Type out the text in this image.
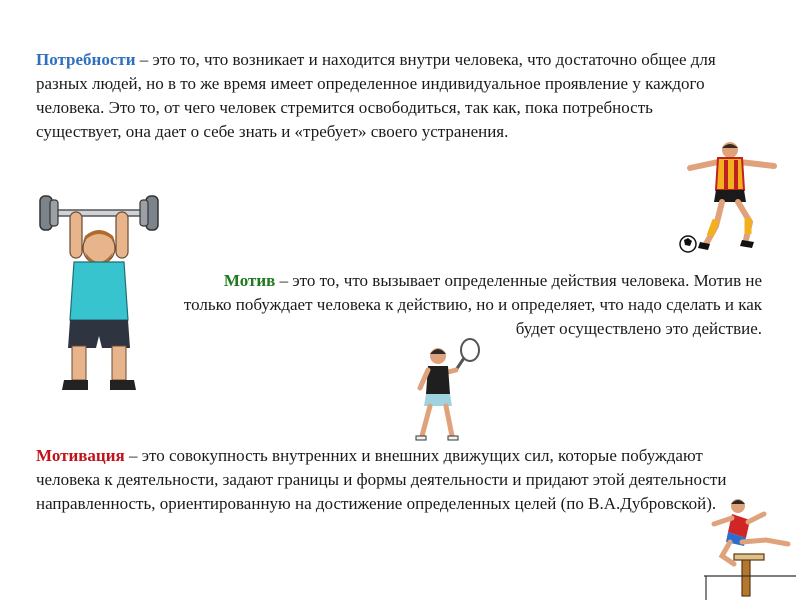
Потребности – это то, что возникает и находится внутри человека, что достаточно общее для разных людей, но в то же время имеет определенное индивидуальное проявление у каждого человека. Это то, от чего человек стремится освободиться, так как, пока потребность существует, она дает о себе знать и «требует» своего устранения.

Мотив – это то, что вызывает определенные действия человека. Мотив не только побуждает человека к действию, но и определяет, что надо сделать и как будет осуществлено это действие.

Мотивация – это совокупность внутренних и внешних движущих сил, которые побуждают человека к деятельности, задают границы и формы деятельности и придают этой деятельности направленность, ориентированную на достижение определенных целей (по В.А.Дубровской).
